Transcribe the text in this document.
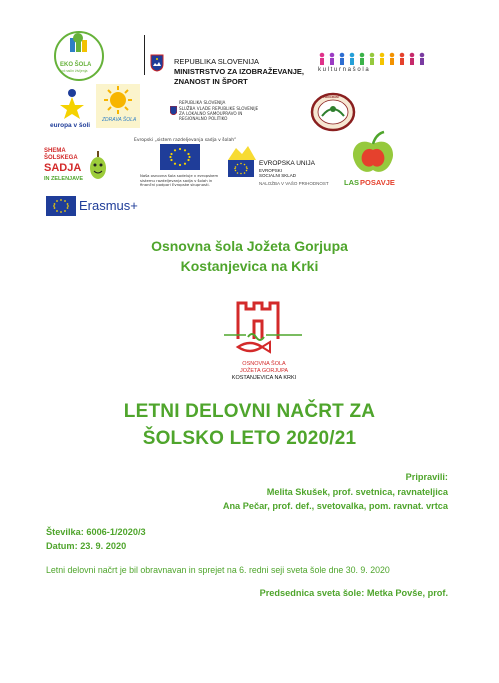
EKO ŠOLA
kot način življenja
REPUBLIKA SLOVENIJA
MINISTRSTVO ZA IZOBRAŽEVANJE,
ZNANOST IN ŠPORT
k u l t u r n a š o l a
europa v šoli
ZDRAVA ŠOLA
REPUBLIKA SLOVENIJA
SLUŽBA VLADE REPUBLIKE SLOVENIJE
ZA LOKALNO SAMOUPRAVO IN
REGIONALNO POLITIKO
Evropski „sistem razdeljevanja sadja v šolah“
PROGRAM
SHEMA
ŠOLSKEGA
SADJA
IN ZELENJAVE
Naša osnovna šola sodeluje v evropskem sistemu razdeljevanja sadja v šolah in finančni podpori Evropske skupnosti.
EVROPSKA UNIJA
EVROPSKI
SOCIALNI SKLAD
NALOŽBA V VAŠO PRIHODNOST LAS POSAVJE
Erasmus+
Osnovna šola Jožeta Gorjupa
Kostanjevica na Krki
OSNOVNA ŠOLA
JOŽETA GORJUPA
KOSTANJEVICA NA KRKI
LETNI DELOVNI NAČRT ZA
ŠOLSKO LETO 2020/21
Pripravili:
Melita Skušek, prof. svetnica, ravnateljica
Ana Pečar, prof. def., svetovalka, pom. ravnat. vrtca
Številka: 6006-1/2020/3
Datum: 23. 9. 2020
Letni delovni načrt je bil obravnavan in sprejet na 6. redni seji sveta šole dne 30. 9. 2020
Predsednica sveta šole: Metka Povše, prof.
